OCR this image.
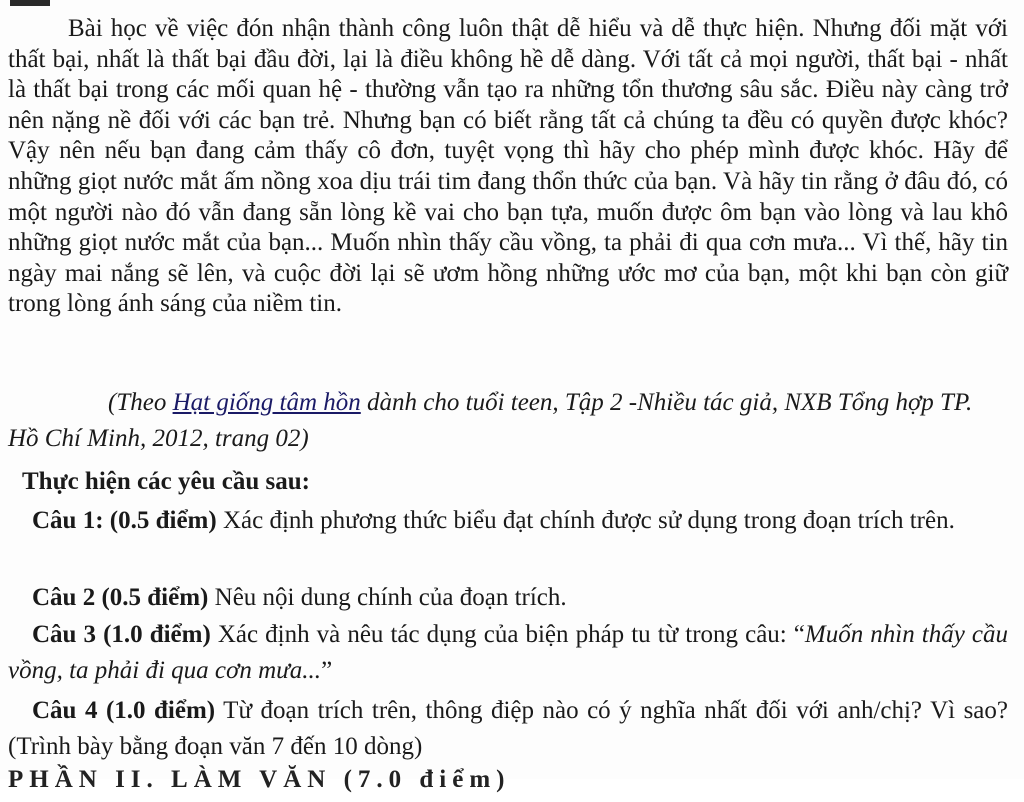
Bài học về việc đón nhận thành công luôn thật dễ hiểu và dễ thực hiện. Nhưng đối mặt với thất bại, nhất là thất bại đầu đời, lại là điều không hề dễ dàng. Với tất cả mọi người, thất bại - nhất là thất bại trong các mối quan hệ - thường vẫn tạo ra những tổn thương sâu sắc. Điều này càng trở nên nặng nề đối với các bạn trẻ. Nhưng bạn có biết rằng tất cả chúng ta đều có quyền được khóc? Vậy nên nếu bạn đang cảm thấy cô đơn, tuyệt vọng thì hãy cho phép mình được khóc. Hãy để những giọt nước mắt ấm nồng xoa dịu trái tim đang thổn thức của bạn. Và hãy tin rằng ở đâu đó, có một người nào đó vẫn đang sẵn lòng kề vai cho bạn tựa, muốn được ôm bạn vào lòng và lau khô những giọt nước mắt của bạn... Muốn nhìn thấy cầu vồng, ta phải đi qua cơn mưa... Vì thế, hãy tin ngày mai nắng sẽ lên, và cuộc đời lại sẽ ươm hồng những ước mơ của bạn, một khi bạn còn giữ trong lòng ánh sáng của niềm tin.

(Theo Hạt giống tâm hồn dành cho tuổi teen, Tập 2 -Nhiều tác giả, NXB Tổng hợp TP. Hồ Chí Minh, 2012, trang 02)

Thực hiện các yêu cầu sau:

Câu 1: (0.5 điểm) Xác định phương thức biểu đạt chính được sử dụng trong đoạn trích trên.

Câu 2 (0.5 điểm) Nêu nội dung chính của đoạn trích.

Câu 3 (1.0 điểm) Xác định và nêu tác dụng của biện pháp tu từ trong câu: “Muốn nhìn thấy cầu vồng, ta phải đi qua cơn mưa...”

Câu 4 (1.0 điểm) Từ đoạn trích trên, thông điệp nào có ý nghĩa nhất đối với anh/chị? Vì sao?(Trình bày bằng đoạn văn 7 đến 10 dòng)

PHẦN II. LÀM VĂN (7.0 điểm)
